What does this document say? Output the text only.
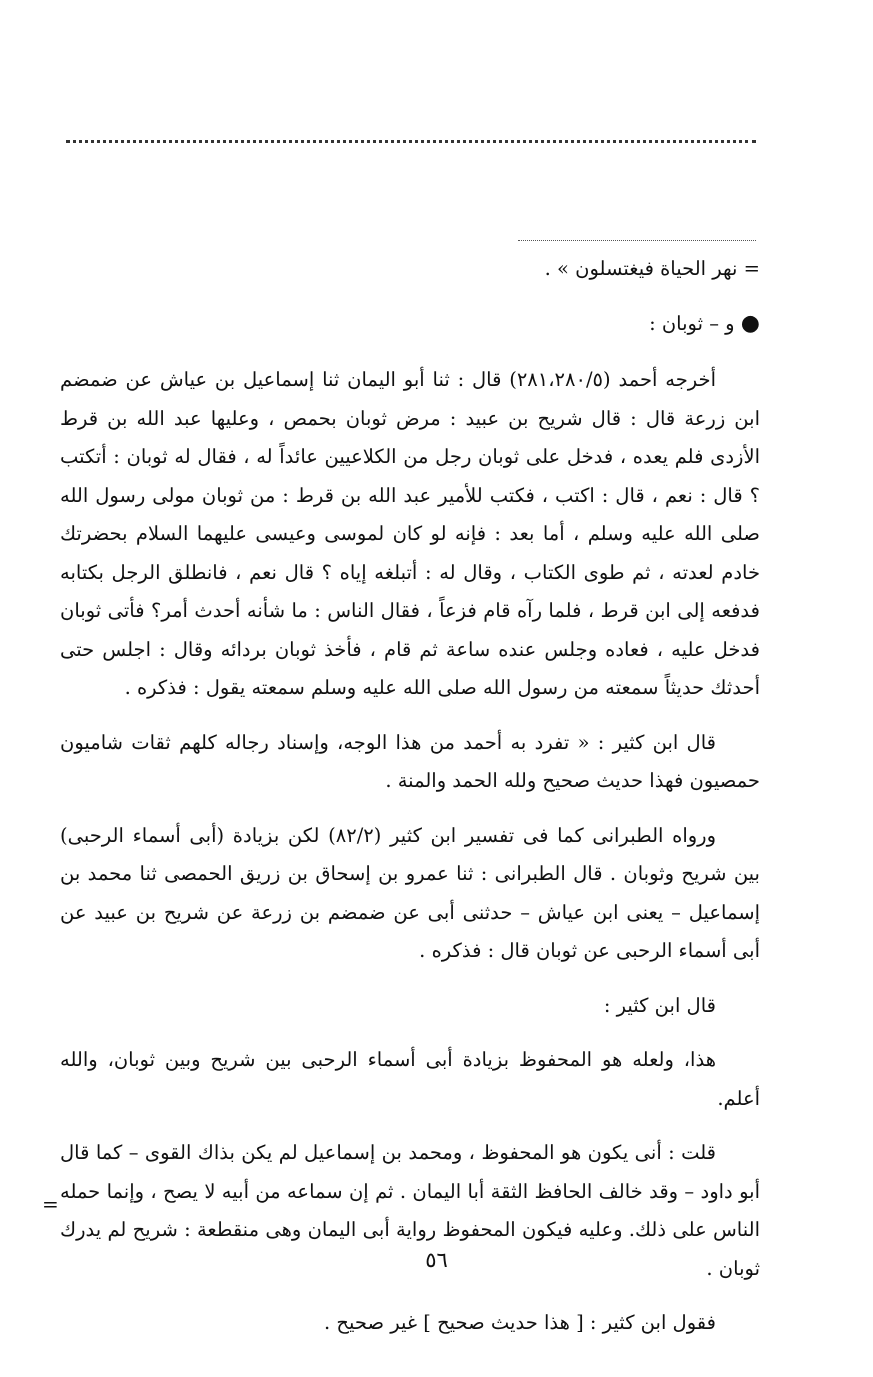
= نهر الحياة فيغتسلون » .

● و – ثوبان :

أخرجه أحمد (٢٨١،٢٨٠/٥) قال : ثنا أبو اليمان ثنا إسماعيل بن عياش عن ضمضم ابن زرعة قال : قال شريح بن عبيد : مرض ثوبان بحمص ، وعليها عبد الله بن قرط الأزدى فلم يعده ، فدخل على ثوبان رجل من الكلاعيين عائداً له ، فقال له ثوبان : أتكتب ؟ قال : نعم ، قال : اكتب ، فكتب للأمير عبد الله بن قرط : من ثوبان مولى رسول الله صلى الله عليه وسلم ، أما بعد : فإنه لو كان لموسى وعيسى عليهما السلام بحضرتك خادم لعدته ، ثم طوى الكتاب ، وقال له : أتبلغه إياه ؟ قال نعم ، فانطلق الرجل بكتابه فدفعه إلى ابن قرط ، فلما رآه قام فزعاً ، فقال الناس : ما شأنه أحدث أمر؟ فأتى ثوبان فدخل عليه ، فعاده وجلس عنده ساعة ثم قام ، فأخذ ثوبان بردائه وقال : اجلس حتى أحدثك حديثاً سمعته من رسول الله صلى الله عليه وسلم سمعته يقول : فذكره .

قال ابن كثير : « تفرد به أحمد من هذا الوجه، وإسناد رجاله كلهم ثقات شاميون حمصيون فهذا حديث صحيح ولله الحمد والمنة .

ورواه الطبرانى كما فى تفسير ابن كثير (٨٢/٢) لكن بزيادة (أبى أسماء الرحبى) بين شريح وثوبان . قال الطبرانى : ثنا عمرو بن إسحاق بن زريق الحمصى ثنا محمد بن إسماعيل – يعنى ابن عياش – حدثنى أبى عن ضمضم بن زرعة عن شريح بن عبيد عن أبى أسماء الرحبى عن ثوبان قال : فذكره .

قال ابن كثير :

هذا، ولعله هو المحفوظ بزيادة أبى أسماء الرحبى بين شريح وبين ثوبان، والله أعلم.

قلت : أنى يكون هو المحفوظ ، ومحمد بن إسماعيل لم يكن بذاك القوى – كما قال أبو داود – وقد خالف الحافظ الثقة أبا اليمان . ثم إن سماعه من أبيه لا يصح ، وإنما حمله الناس على ذلك. وعليه فيكون المحفوظ رواية أبى اليمان وهى منقطعة : شريح لم يدرك ثوبان .

فقول ابن كثير : [ هذا حديث صحيح ] غير صحيح .

=
٥٦
